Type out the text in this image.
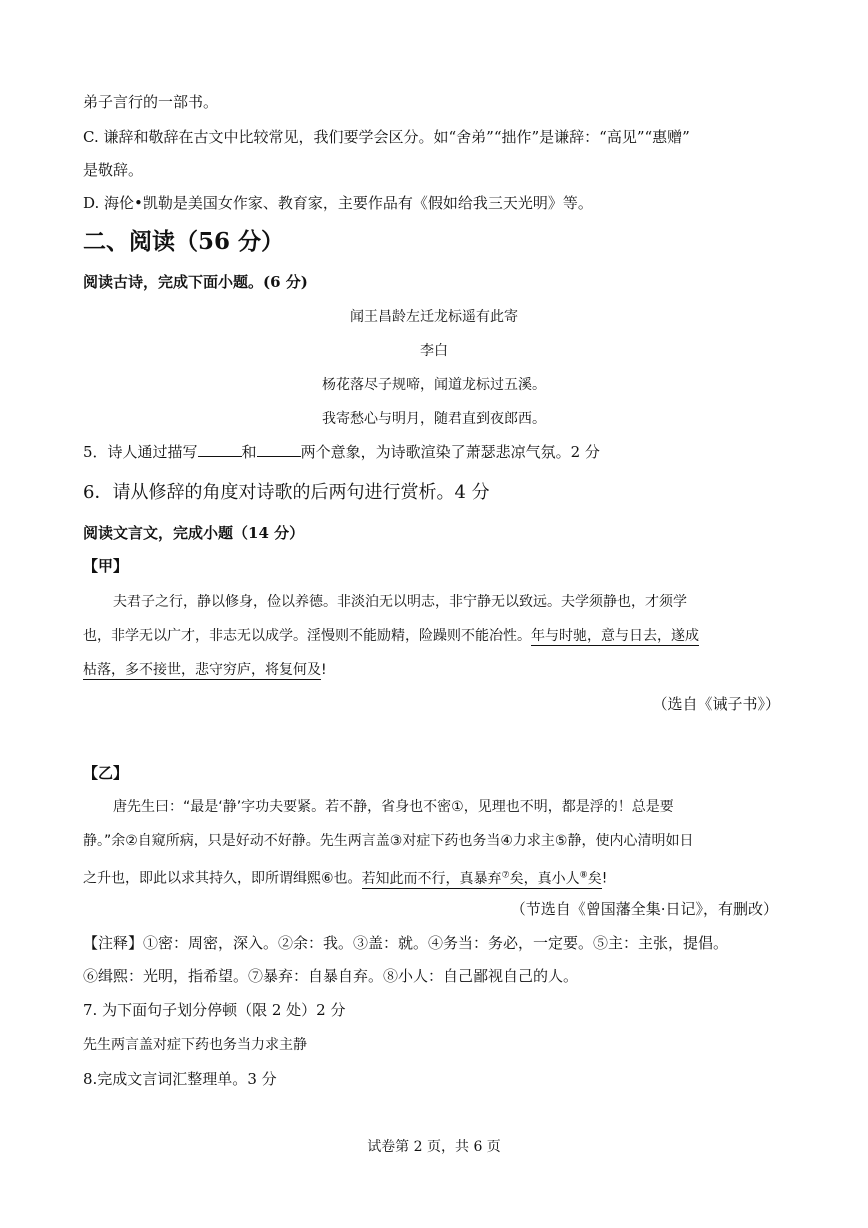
弟子言行的一部书。
C. 谦辞和敬辞在古文中比较常见，我们要学会区分。如“舍弟”“拙作”是谦辞：“高见”“惠赠”
是敬辞。
D. 海伦•凯勒是美国女作家、教育家，主要作品有《假如给我三天光明》等。
二、阅读（56 分）
阅读古诗，完成下面小题。(6 分)
闻王昌龄左迁龙标遥有此寄
李白
杨花落尽子规啼，闻道龙标过五溪。
我寄愁心与明月，随君直到夜郎西。
5．诗人通过描写	和	两个意象，为诗歌渲染了萧瑟悲凉气氛。2 分
6．请从修辞的角度对诗歌的后两句进行赏析。4 分
阅读文言文，完成小题（14 分）
【甲】
夫君子之行，静以修身，俭以养德。非淡泊无以明志，非宁静无以致远。夫学须静也，才须学
也，非学无以广才，非志无以成学。淫慢则不能励精，险躁则不能冶性。年与时驰，意与日去，遂成
枯落，多不接世，悲守穷庐，将复何及!
（选自《诫子书》）
【乙】
唐先生曰：“最是‘静’字功夫要紧。若不静，省身也不密①，见理也不明，都是浮的！总是要
静。”余②自窥所病，只是好动不好静。先生两言盖③对症下药也务当④力求主⑤静，使内心清明如日
之升也，即此以求其持久，即所谓缉熙⑥也。若知此而不行，真暴弃⑦矣，真小人⑧矣!
（节选自《曾国藩全集·日记》，有删改）
【注释】①密：周密，深入。②余：我。③盖：就。④务当：务必，一定要。⑤主：主张，提倡。
⑥缉熙：光明，指希望。⑦暴弃：自暴自弃。⑧小人：自己鄙视自己的人。
7. 为下面句子划分停顿（限 2 处）2 分
先生两言盖对症下药也务当力求主静
8.完成文言词汇整理单。3 分
试卷第 2 页，共 6 页
